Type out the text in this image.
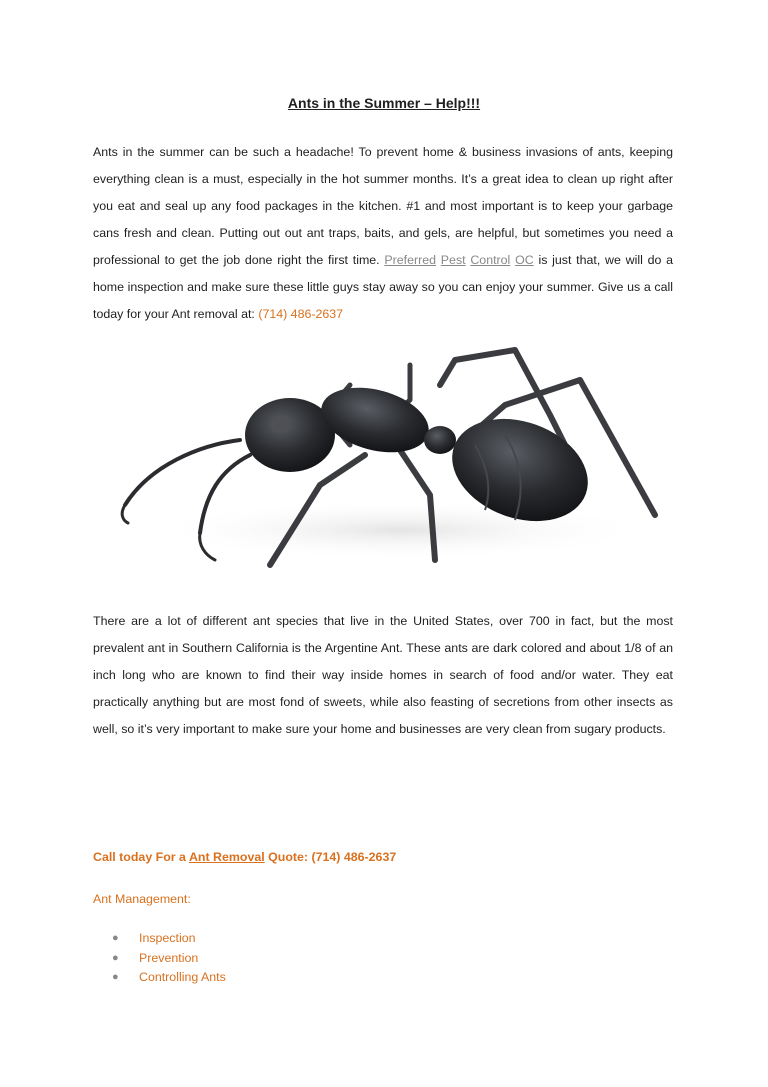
Ants in the Summer – Help!!!

Ants in the summer can be such a headache! To prevent home & business invasions of ants, keeping everything clean is a must, especially in the hot summer months. It’s a great idea to clean up right after you eat and seal up any food packages in the kitchen. #1 and most important is to keep your garbage cans fresh and clean. Putting out out ant traps, baits, and gels, are helpful, but sometimes you need a professional to get the job done right the first time. Preferred Pest Control OC is just that, we will do a home inspection and make sure these little guys stay away so you can enjoy your summer. Give us a call today for your Ant removal at: (714) 486-2637

There are a lot of different ant species that live in the United States, over 700 in fact, but the most prevalent ant in Southern California is the Argentine Ant. These ants are dark colored and about 1/8 of an inch long who are known to find their way inside homes in search of food and/or water. They eat practically anything but are most fond of sweets, while also feasting of secretions from other insects as well, so it’s very important to make sure your home and businesses are very clean from sugary products.

Call today For a Ant Removal Quote: (714) 486-2637
Ant Management:
● Inspection
● Prevention
● Controlling Ants
